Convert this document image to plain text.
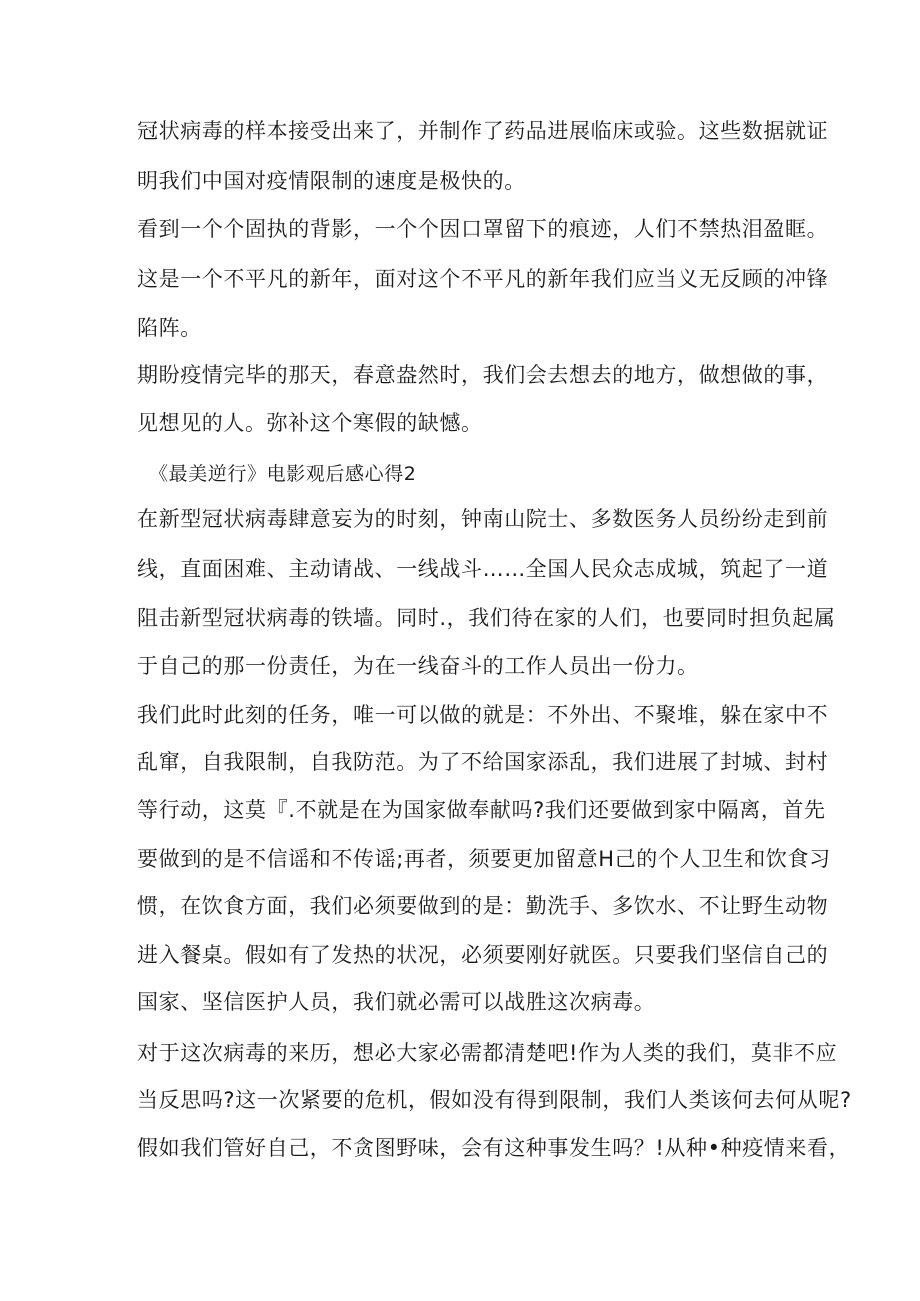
冠状病毒的样本接受出来了，并制作了药品进展临床或验。这些数据就证

明我们中国对疫情限制的速度是极快的。

看到一个个固执的背影，一个个因口罩留下的痕迹，人们不禁热泪盈眶。

这是一个不平凡的新年，面对这个不平凡的新年我们应当义无反顾的冲锋

陷阵。

期盼疫情完毕的那天，春意盎然时，我们会去想去的地方，做想做的事，

见想见的人。弥补这个寒假的缺憾。

《最美逆行》电影观后感心得2

在新型冠状病毒肆意妄为的时刻，钟南山院士、多数医务人员纷纷走到前

线，直面困难、主动请战、一线战斗……全国人民众志成城，筑起了一道

阻击新型冠状病毒的铁墙。同时.，我们待在家的人们，也要同时担负起属

于自己的那一份责任，为在一线奋斗的工作人员出一份力。

我们此时此刻的任务，唯一可以做的就是：不外出、不聚堆，躲在家中不

乱窜，自我限制，自我防范。为了不给国家添乱，我们进展了封城、封村

等行动，这莫『.不就是在为国家做奉献吗?我们还要做到家中隔离，首先

要做到的是不信谣和不传谣;再者，须要更加留意H己的个人卫生和饮食习

惯，在饮食方面，我们必须要做到的是：勤洗手、多饮水、不让野生动物

进入餐桌。假如有了发热的状况，必须要刚好就医。只要我们坚信自己的

国家、坚信医护人员，我们就必需可以战胜这次病毒。

对于这次病毒的来历，想必大家必需都清楚吧!作为人类的我们，莫非不应

当反思吗?这一次紧要的危机，假如没有得到限制，我们人类该何去何从呢?

假如我们管好自己，不贪图野味，会有这种事发生吗？!从种•种疫情来看，
